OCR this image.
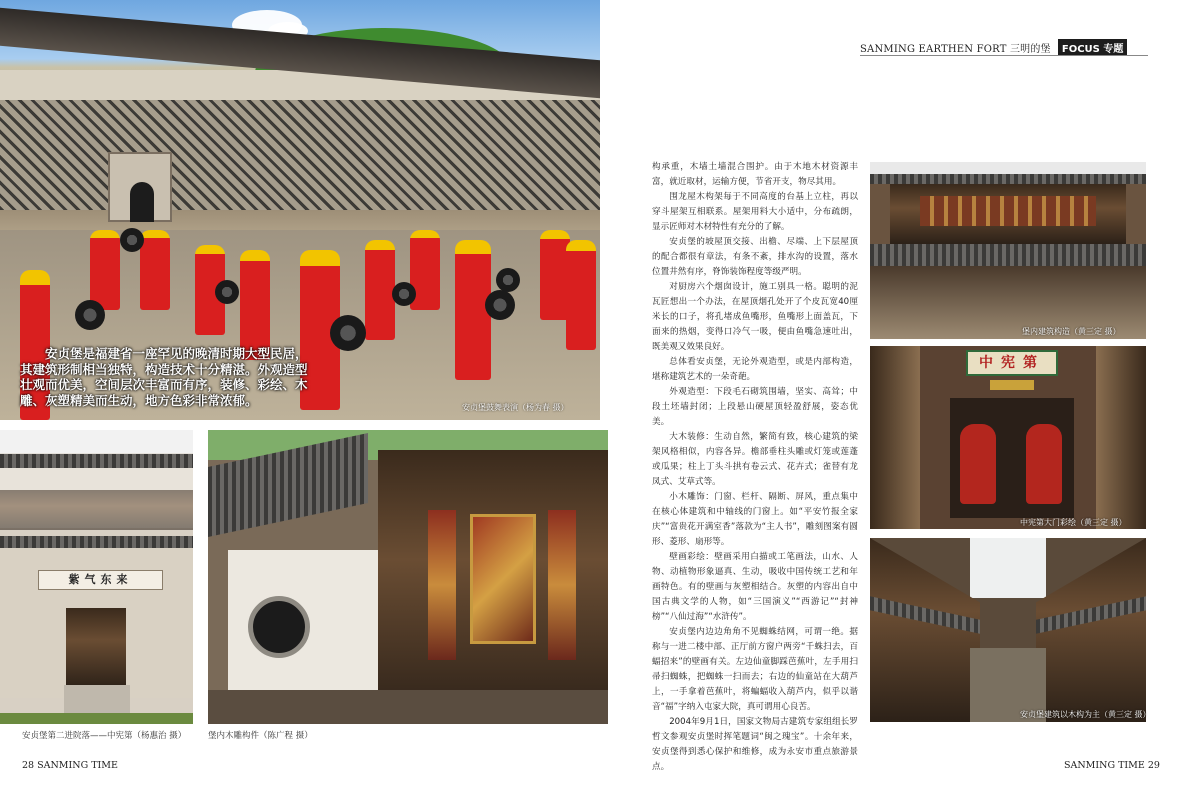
安贞堡是福建省一座罕见的晚清时期大型民居，其建筑形制相当独特，构造技术十分精湛。外观造型壮观而优美，空间层次丰富而有序，装修、彩绘、木雕、灰塑精美而生动，地方色彩非常浓郁。	安贞堡鼓舞表演（杨为春 摄）
紫气东来
安贞堡第二进院落——中宪第（杨惠治 摄）	堡内木雕构件（陈广程 摄）
SANMING EARTHEN FORT 三明的堡 FOCUS 专题

构承重，木墙土墙混合围护。由于木地木材资源丰富，就近取材，运输方便，节省开支，物尽其用。

围龙屋木构架每于不同高度的台基上立柱，再以穿斗屋架互相联系。屋架用料大小适中，分布疏朗，显示匠师对木材特性有充分的了解。

安贞堡的坡屋顶交接、出檐、尽端、上下层屋顶的配合都很有章法，有条不紊，排水沟的设置，落水位置井然有序，脊饰装饰程度等级严明。

对厨房六个烟囱设计，施工别具一格。聪明的泥瓦匠想出一个办法，在屋顶烟孔处开了个皮瓦宽40厘米长的口子，将孔堵成鱼嘴形，鱼嘴形上面盖瓦，下面来的热烟，变得口冷气一吸，便由鱼嘴急速吐出，既美观又效果良好。

总体看安贞堡，无论外观造型，或是内部构造，堪称建筑艺术的一朵奇葩。

外观造型：下段毛石砌筑围墙，坚实、高耸；中段土坯墙封闭；上段悬山硬屋顶轻盈舒展，姿态优美。

大木装修：生动自然，繁简有致，核心建筑的梁架风格相似，内容各异。檐部垂柱头雕或灯笼或莲蓬或瓜果；柱上丁头斗拱有卷云式、花卉式；雀替有龙凤式、艾草式等。

小木雕饰：门窗、栏杆、隔断、屏风，重点集中在核心体建筑和中轴线的门窗上。如“平安竹报全家庆”“富贵花开满室香”落款为“主人书”，雕刻图案有圆形、菱形、扇形等。

壁画彩绘：壁画采用白描或工笔画法，山水、人物、动植物形象逼真、生动，吸收中国传统工艺和年画特色。有的壁画与灰塑相结合。灰塑的内容出自中国古典文学的人物，如“三国演义”“西游记”“封神榜”“八仙过海”“水浒传”。

安贞堡内边边角角不见蜘蛛结网，可谓一绝。据称与一进二楼中部、正厅前方窗户两旁“千蛛扫去，百蝠招来”的壁画有关。左边仙童脚踩芭蕉叶，左手用扫帚扫蜘蛛，把蜘蛛一扫而去；右边的仙童站在大葫芦上，一手拿着芭蕉叶，将蝙蝠收入葫芦内，似乎以谐音“福”字纳入屯家大院，真可谓用心良苦。

2004年9月1日，国家文物局古建筑专家组组长罗哲文参观安贞堡时挥笔题词“闽之瑰宝”。十余年来，安贞堡得到悉心保护和维修，成为永安市重点旅游景点。

堡内建筑构造（黄三定 摄）
中宪第
中宪第大门彩绘（黄三定 摄）
安贞堡建筑以木构为主（黄三定 摄）
28 SANMING TIME	SANMING TIME 29
